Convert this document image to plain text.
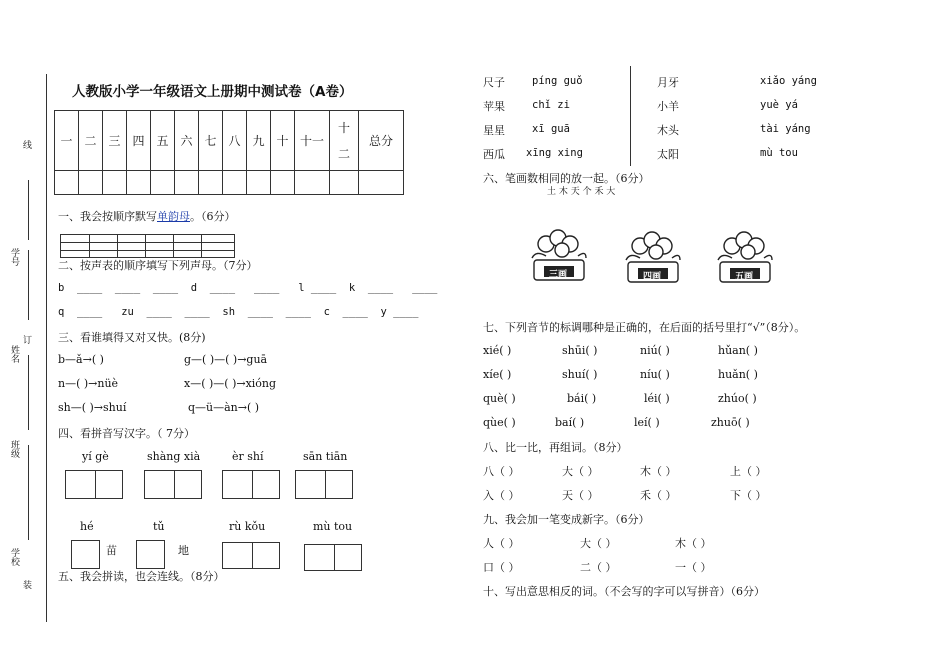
线
学号
姓名
订
班级
学校
装
人教版小学一年级语文上册期中测试卷（A卷）
一	二	三	四	五	六	七	八	九	十	十一	十二	总分

一、我会按顺序默写单韵母。（6分）
二、按声表的顺序填写下列声母。（7分）
b  ____  ____  ____  d  ____   ____   l ____  k  ____   ____
q  ____   zu  ____  ____  sh  ____  ____  c  ____  y ____
三、看谁填得又对又快。(8分)
b—ǎ→( )	g—( )—( )→guā
n—( )→nüè	x—( )—( )→xióng
sh—( )→shuí	q—ü—àn→( )
四、看拼音写汉字。（ 7分）
yí gè	shàng xià	èr shí	sān tiān
hé	tǔ	rù kǒu	mù tou
苗	地
五、我会拼读，也会连线。（8分）
尺子	píng guǒ
苹果	chǐ zi
星星	xī guā
西瓜 xīng xing
月牙	xiǎo yáng
小羊	yuè yá
木头	tài yáng
太阳	mù tou
六、笔画数相同的放一起。（6分）
土 木 天 个 禾 大
三画	四画	五画
七、下列音节的标调哪种是正确的，在后面的括号里打“√”（8分）。
xié( )	shūi( )	niú( )	hǔan( )
xíe( )	shuí( )	níu( )	huǎn( )
què( )	bái( )	léi( )	zhúo( )
qùe( )	baí( )	leí( )	zhuō( )
八、比一比，再组词。（8分）
八（ ）	大（ ）	木（ ）	上（ ）
入（ ）	天（ ）	禾（ ）	下（ ）
九、我会加一笔变成新字。（6分）
人（ ）	大（ ）	木（ ）
口（ ）	二（ ）	一（ ）
十、写出意思相反的词。（不会写的字可以写拼音）（6分）
